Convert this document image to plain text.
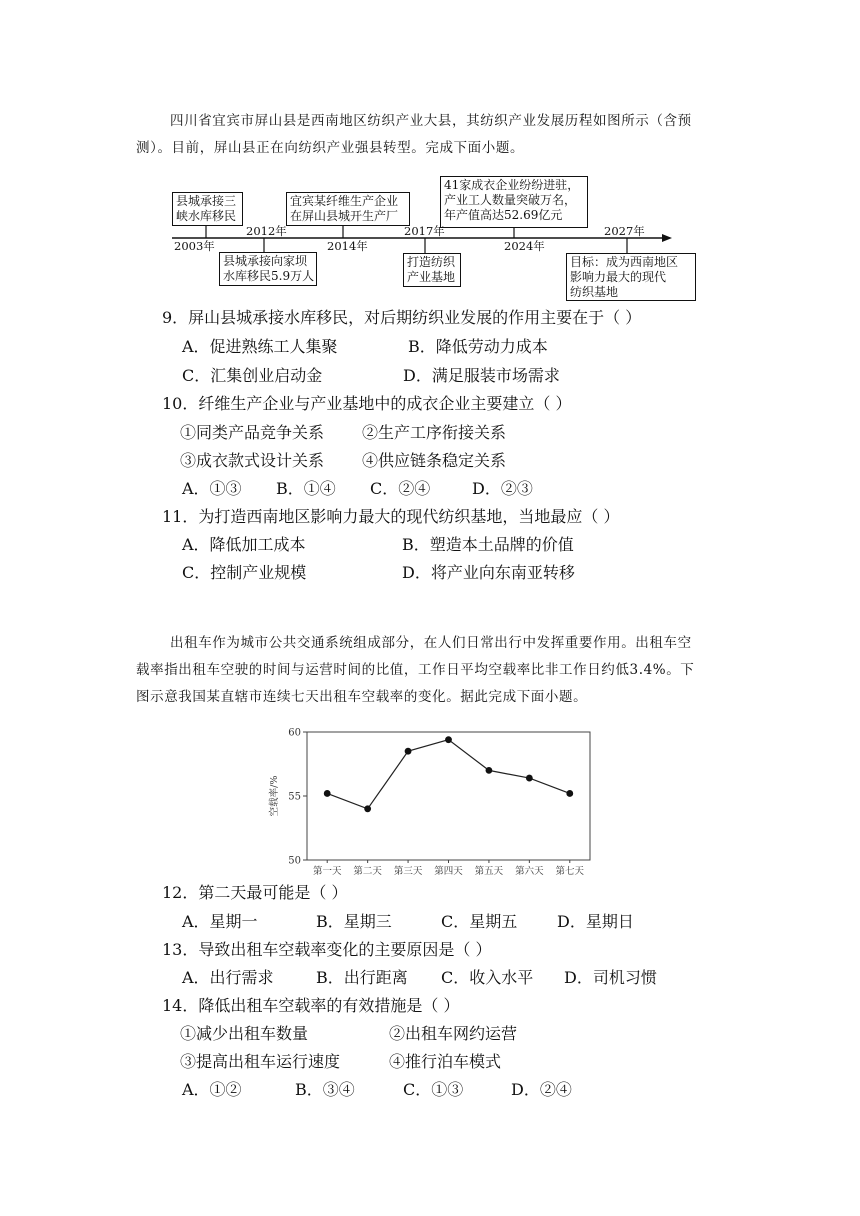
四川省宜宾市屏山县是西南地区纺织产业大县，其纺织产业发展历程如图所示（含预
测）。目前，屏山县正在向纺织产业强县转型。完成下面小题。
县城承接三
峡水库移民
宜宾某纤维生产企业
在屏山县城开生产厂
41家成衣企业纷纷进驻，
产业工人数量突破万名，
年产值高达52.69亿元
县城承接向家坝
水库移民5.9万人
打造纺织
产业基地
目标：成为西南地区
影响力最大的现代
纺织基地
2003年
2012年
2014年
2017年
2024年
2027年
9．屏山县城承接水库移民，对后期纺织业发展的作用主要在于（ ）
A．促进熟练工人集聚	B．降低劳动力成本
C．汇集创业启动金	D．满足服装市场需求
10．纤维生产企业与产业基地中的成衣企业主要建立（ ）
①同类产品竞争关系 ②生产工序衔接关系
③成衣款式设计关系 ④供应链条稳定关系
A．①③ B．①④ C．②④	D．②③
11．为打造西南地区影响力最大的现代纺织基地，当地最应（ ）
A．降低加工成本	B．塑造本土品牌的价值
C．控制产业规模	D．将产业向东南亚转移
出租车作为城市公共交通系统组成部分，在人们日常出行中发挥重要作用。出租车空
载率指出租车空驶的时间与运营时间的比值，工作日平均空载率比非工作日约低3.4%。下
图示意我国某直辖市连续七天出租车空载率的变化。据此完成下面小题。
50
55
60
第一天 第二天 第三天 第四天 第五天 第六天 第七天
空载率/%
12．第二天最可能是（ ）
A．星期一	B．星期三	C．星期五 D．星期日
13．导致出租车空载率变化的主要原因是（ ）
A．出行需求	B．出行距离 C．收入水平 D．司机习惯
14．降低出租车空载率的有效措施是（ ）
①减少出租车数量	②出租车网约运营
③提高出租车运行速度	④推行泊车模式
A．①②	B．③④	C．①③	D．②④
